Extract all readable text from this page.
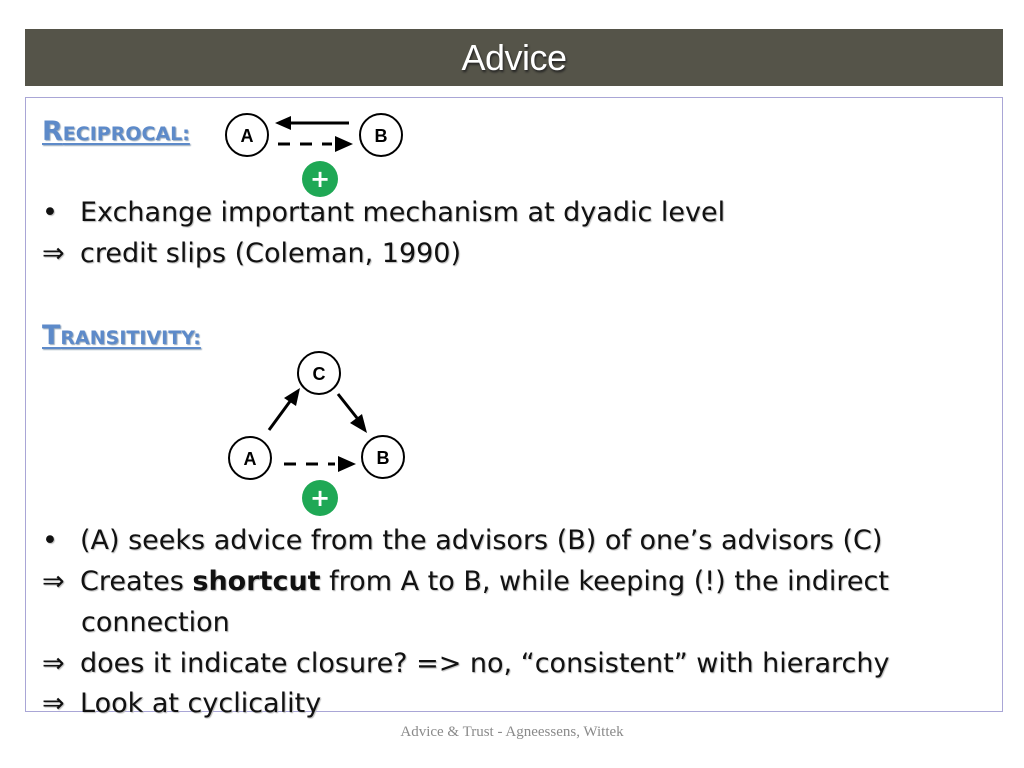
Advice
RECIPROCAL:	A	B
+
• Exchange important mechanism at dyadic level
⇒ credit slips (Coleman, 1990)
TRANSITIVITY:
C
A	B
+
• (A) seeks advice from the advisors (B) of one’s advisors (C)
⇒ Creates shortcut from A to B, while keeping (!) the indirect
connection
⇒ does it indicate closure? => no, “consistent” with hierarchy
⇒ Look at cyclicality
Advice & Trust - Agneessens, Wittek
